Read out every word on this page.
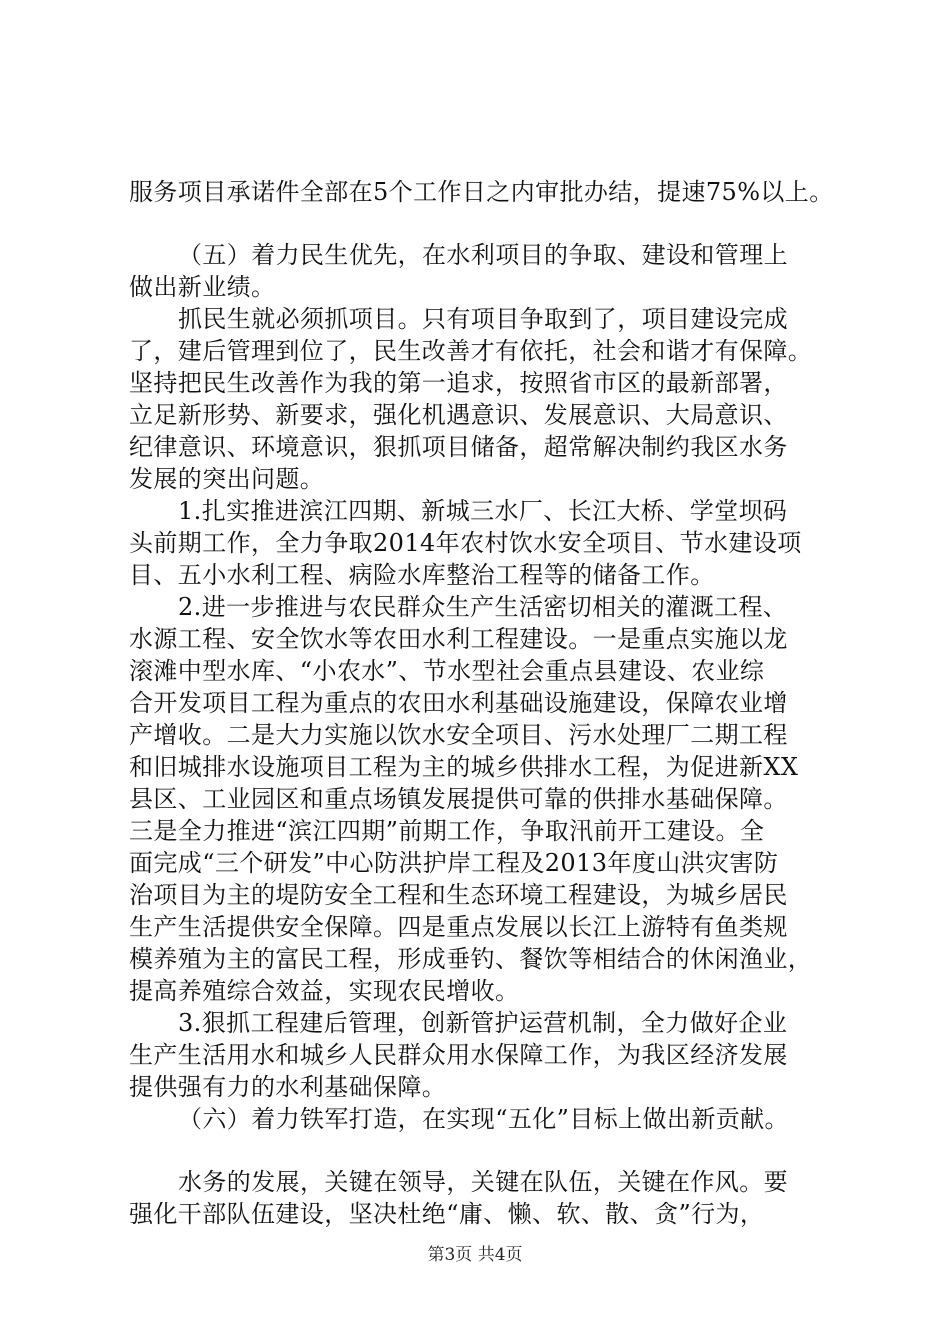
服务项目承诺件全部在5个工作日之内审批办结，提速75%以上。
（五）着力民生优先，在水利项目的争取、建设和管理上
做出新业绩。
抓民生就必须抓项目。只有项目争取到了，项目建设完成
了，建后管理到位了，民生改善才有依托，社会和谐才有保障。
坚持把民生改善作为我的第一追求，按照省市区的最新部署，
立足新形势、新要求，强化机遇意识、发展意识、大局意识、
纪律意识、环境意识，狠抓项目储备，超常解决制约我区水务
发展的突出问题。
1.扎实推进滨江四期、新城三水厂、长江大桥、学堂坝码
头前期工作，全力争取2014年农村饮水安全项目、节水建设项
目、五小水利工程、病险水库整治工程等的储备工作。
2.进一步推进与农民群众生产生活密切相关的灌溉工程、
水源工程、安全饮水等农田水利工程建设。一是重点实施以龙
滚滩中型水库、“小农水”、节水型社会重点县建设、农业综
合开发项目工程为重点的农田水利基础设施建设，保障农业增
产增收。二是大力实施以饮水安全项目、污水处理厂二期工程
和旧城排水设施项目工程为主的城乡供排水工程，为促进新XX
县区、工业园区和重点场镇发展提供可靠的供排水基础保障。
三是全力推进“滨江四期”前期工作，争取汛前开工建设。全
面完成“三个研发”中心防洪护岸工程及2013年度山洪灾害防
治项目为主的堤防安全工程和生态环境工程建设，为城乡居民
生产生活提供安全保障。四是重点发展以长江上游特有鱼类规
模养殖为主的富民工程，形成垂钓、餐饮等相结合的休闲渔业，
提高养殖综合效益，实现农民增收。
3.狠抓工程建后管理，创新管护运营机制，全力做好企业
生产生活用水和城乡人民群众用水保障工作，为我区经济发展
提供强有力的水利基础保障。
（六）着力铁军打造，在实现“五化”目标上做出新贡献。
水务的发展，关键在领导，关键在队伍，关键在作风。要
强化干部队伍建设，坚决杜绝“庸、懒、软、散、贪”行为，
第3页 共4页
